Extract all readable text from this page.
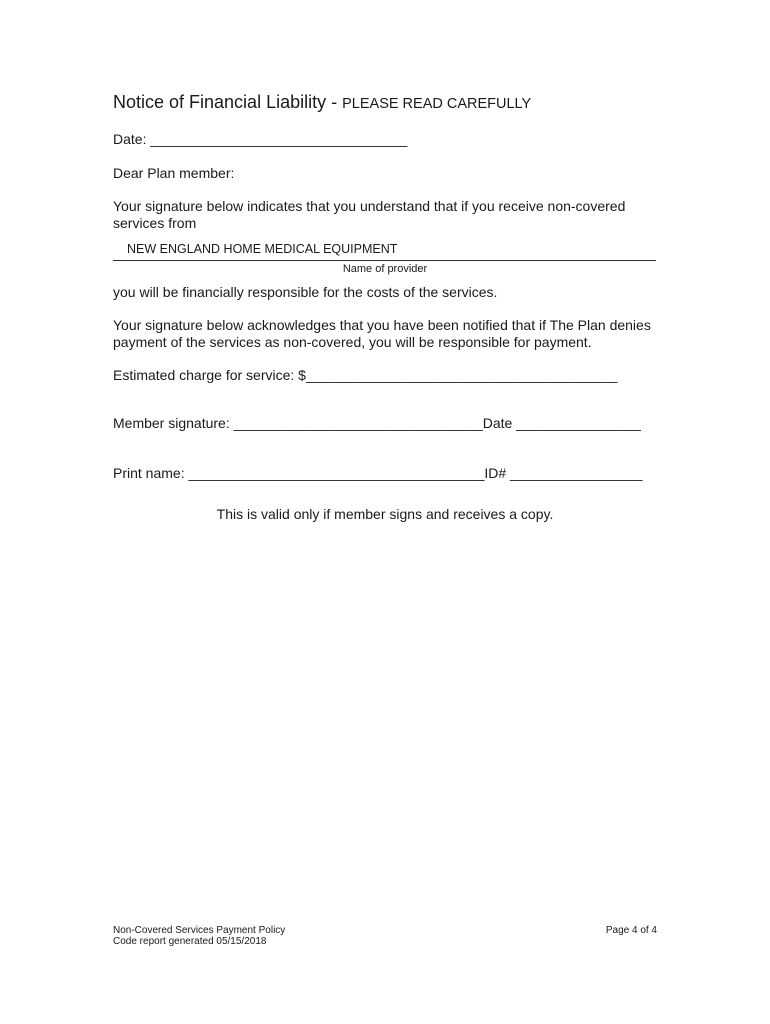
Notice of Financial Liability - PLEASE READ CAREFULLY
Date: _________________________________
Dear Plan member:
Your signature below indicates that you understand that if you receive non-covered
services from
NEW ENGLAND HOME MEDICAL EQUIPMENT
Name of provider
you will be financially responsible for the costs of the services.
Your signature below acknowledges that you have been notified that if The Plan denies
payment of the services as non-covered, you will be responsible for payment.
Estimated charge for service: $________________________________________
Member signature: ________________________________Date ________________
Print name: ______________________________________ID# _________________
This is valid only if member signs and receives a copy.
Non-Covered Services Payment Policy
Code report generated 05/15/2018
Page 4 of 4
